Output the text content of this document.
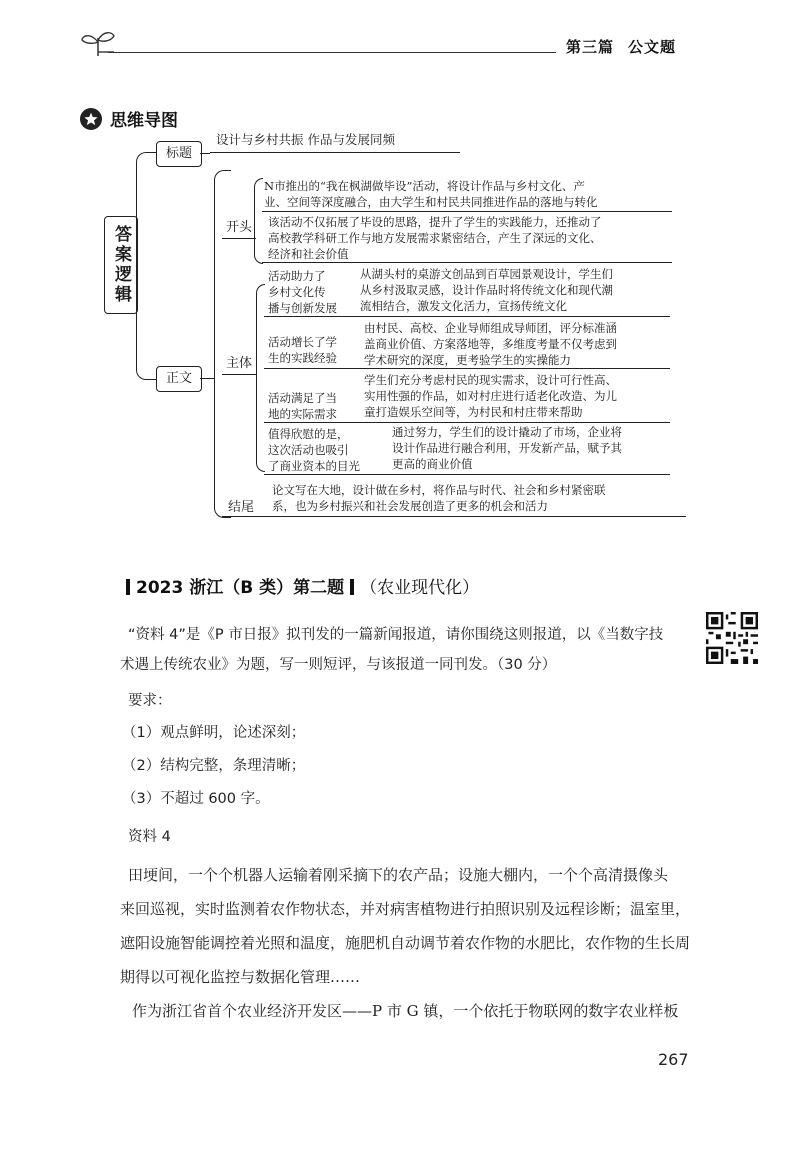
第三篇 公文题
思维导图
答案逻辑
标题
设计与乡村共振 作品与发展同频
正文
开头
N市推出的“我在枫湖做毕设”活动，将设计作品与乡村文化、产
业、空间等深度融合，由大学生和村民共同推进作品的落地与转化
该活动不仅拓展了毕设的思路，提升了学生的实践能力，还推动了
高校教学科研工作与地方发展需求紧密结合，产生了深远的文化、
经济和社会价值
主体
活动助力了
乡村文化传
播与创新发展
从湖头村的桌游文创品到百草园景观设计，学生们
从乡村汲取灵感，设计作品时将传统文化和现代潮
流相结合，激发文化活力，宣扬传统文化
活动增长了学
生的实践经验
由村民、高校、企业导师组成导师团，评分标准涵
盖商业价值、方案落地等，多维度考量不仅考虑到
学术研究的深度，更考验学生的实操能力
活动满足了当
地的实际需求
学生们充分考虑村民的现实需求，设计可行性高、
实用性强的作品，如对村庄进行适老化改造、为儿
童打造娱乐空间等，为村民和村庄带来帮助
值得欣慰的是，
这次活动也吸引
了商业资本的目光
通过努力，学生们的设计撬动了市场，企业将
设计作品进行融合利用，开发新产品，赋予其
更高的商业价值
结尾
论文写在大地，设计做在乡村，将作品与时代、社会和乡村紧密联
系，也为乡村振兴和社会发展创造了更多的机会和活力
2023 浙江（B 类）第二题 （农业现代化）
“资料 4”是《P 市日报》拟刊发的一篇新闻报道，请你围绕这则报道，以《当数字技
术遇上传统农业》为题，写一则短评，与该报道一同刊发。（30 分）
要求：
（1）观点鲜明，论述深刻；
（2）结构完整，条理清晰；
（3）不超过 600 字。
资料 4
田埂间，一个个机器人运输着刚采摘下的农产品；设施大棚内，一个个高清摄像头
来回巡视，实时监测着农作物状态，并对病害植物进行拍照识别及远程诊断；温室里，
遮阳设施智能调控着光照和温度，施肥机自动调节着农作物的水肥比，农作物的生长周
期得以可视化监控与数据化管理……
作为浙江省首个农业经济开发区——P 市 G 镇，一个依托于物联网的数字农业样板
267
